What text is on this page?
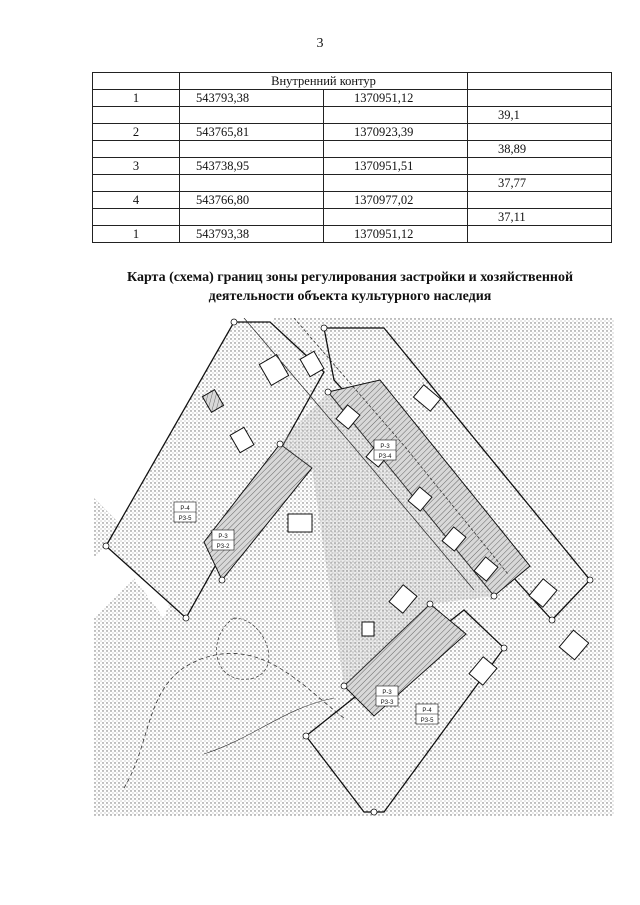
3
	Внутренний контур		
1	543793,38	1370951,12	
			39,1
2	543765,81	1370923,39	
			38,89
3	543738,95	1370951,51	
			37,77
4	543766,80	1370977,02	
			37,11
1	543793,38	1370951,12	
Карта (схема) границ зоны регулирования застройки и хозяйственной
деятельности объекта культурного наследия
Р-4
РЗ-5
Р-3
РЗ-2
Р-3
РЗ-4
Р-3
РЗ-3
Р-4
РЗ-5
